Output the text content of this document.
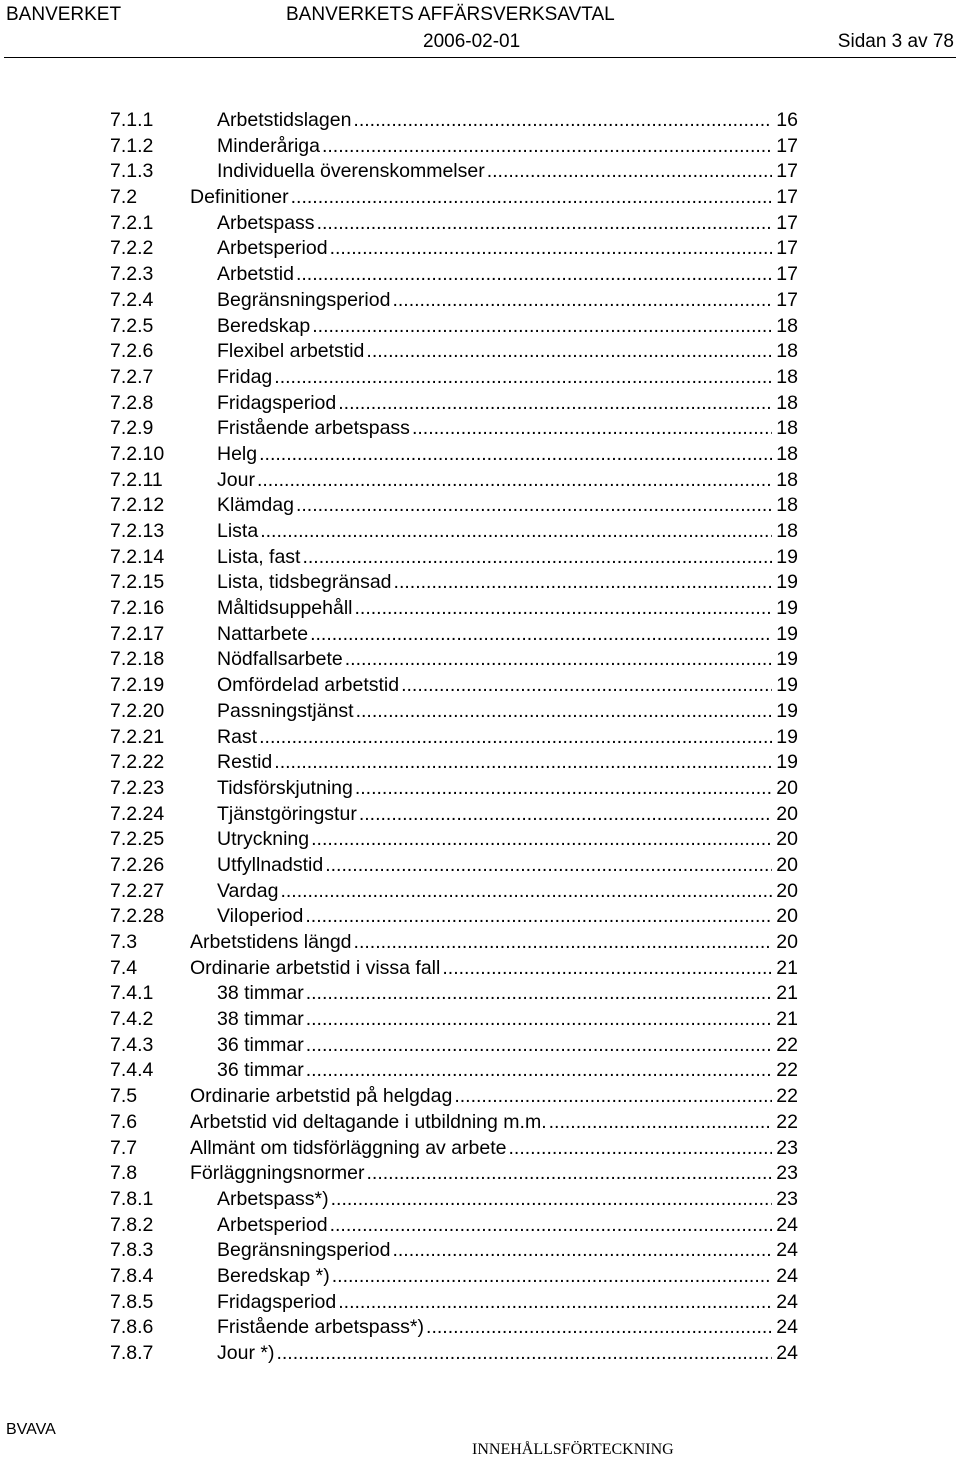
BANVERKET	BANVERKETS AFFÄRSVERKSAVTAL
2006-02-01	Sidan 3 av 78
7.1.1	Arbetstidslagen .....	16
7.1.2	Minderåriga .....	17
7.1.3	Individuella överenskommelser .....	17
7.2	Definitioner .....	17
7.2.1	Arbetspass .....	17
7.2.2	Arbetsperiod .....	17
7.2.3	Arbetstid .....	17
7.2.4	Begränsningsperiod .....	17
7.2.5	Beredskap .....	18
7.2.6	Flexibel arbetstid .....	18
7.2.7	Fridag .....	18
7.2.8	Fridagsperiod .....	18
7.2.9	Fristående arbetspass .....	18
7.2.10	Helg .....	18
7.2.11	Jour .....	18
7.2.12	Klämdag .....	18
7.2.13	Lista .....	18
7.2.14	Lista, fast .....	19
7.2.15	Lista, tidsbegränsad .....	19
7.2.16	Måltidsuppehåll .....	19
7.2.17	Nattarbete .....	19
7.2.18	Nödfallsarbete .....	19
7.2.19	Omfördelad arbetstid .....	19
7.2.20	Passningstjänst .....	19
7.2.21	Rast .....	19
7.2.22	Restid .....	19
7.2.23	Tidsförskjutning .....	20
7.2.24	Tjänstgöringstur .....	20
7.2.25	Utryckning .....	20
7.2.26	Utfyllnadstid .....	20
7.2.27	Vardag .....	20
7.2.28	Viloperiod .....	20
7.3	Arbetstidens längd .....	20
7.4	Ordinarie arbetstid i vissa fall .....	21
7.4.1	38 timmar .....	21
7.4.2	38 timmar .....	21
7.4.3	36 timmar .....	22
7.4.4	36 timmar .....	22
7.5	Ordinarie arbetstid på helgdag .....	22
7.6	Arbetstid vid deltagande i utbildning m.m. .....	22
7.7	Allmänt om tidsförläggning av arbete .....	23
7.8	Förläggningsnormer .....	23
7.8.1	Arbetspass*) .....	23
7.8.2	Arbetsperiod .....	24
7.8.3	Begränsningsperiod .....	24
7.8.4	Beredskap *) .....	24
7.8.5	Fridagsperiod .....	24
7.8.6	Fristående arbetspass*) .....	24
7.8.7	Jour *) .....	24
BVAVA
INNEHÅLLSFÖRTECKNING
